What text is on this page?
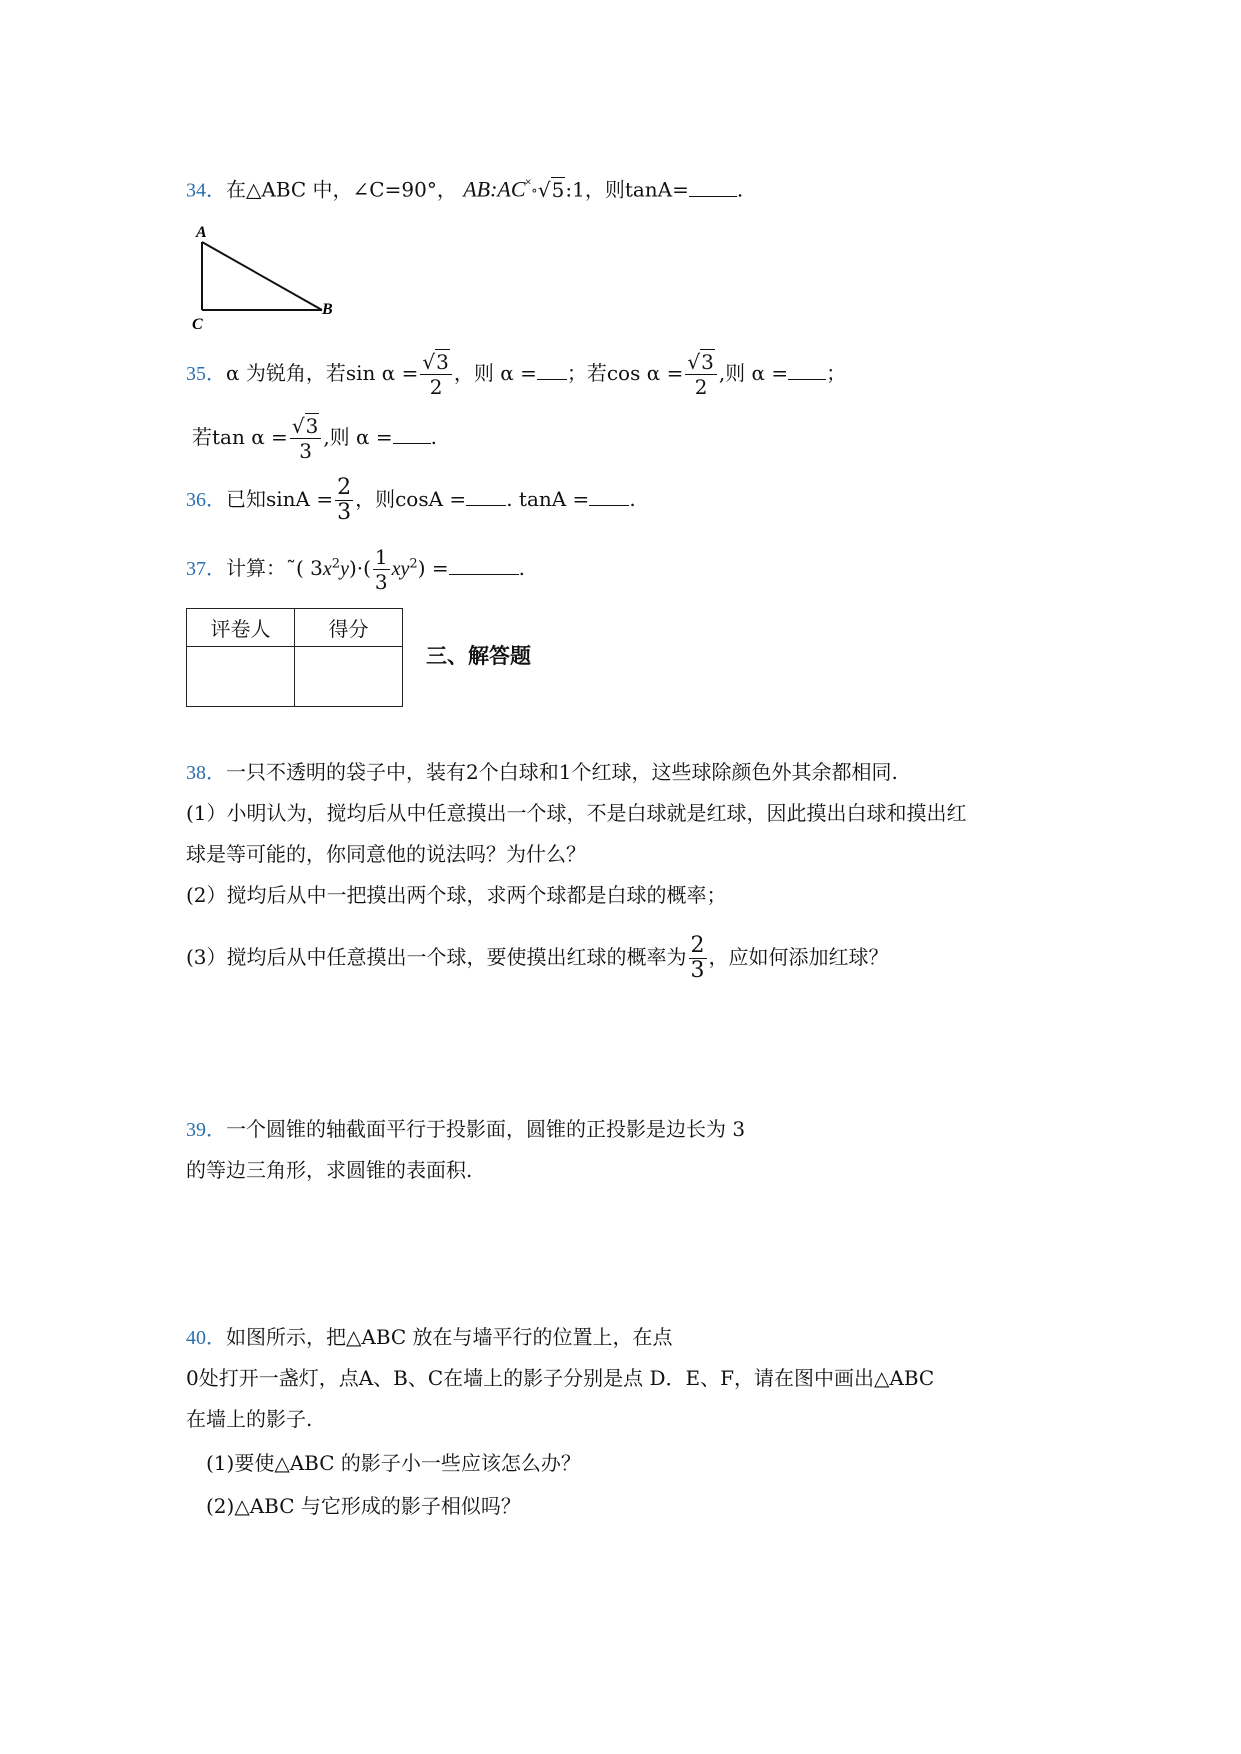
34．在△ABC 中，∠C=90°， AB:AC˟˳√5:1，则tanA= .
A
B
C
35．α 为锐角，若$\sin \alpha = \frac{√3}{2}$ ，则 α = ；若$\cos \alpha = \frac{√3}{2}$ ,则 α = ；
若$\tan \alpha = \frac{√3}{3}$ ,则 α = .
36．已知$\sin A = \frac{2}{3}$ ，则cosA = . tanA = .
37．计算：˜( $3x^2y)\cdot( \frac{1}{3} xy^2)$ =	.
评卷人	得分

三、解答题
38．一只不透明的袋子中，装有2个白球和1个红球，这些球除颜色外其余都相同.
(1）小明认为，搅均后从中任意摸出一个球，不是白球就是红球，因此摸出白球和摸出红
球是等可能的，你同意他的说法吗？为什么？
(2）搅均后从中一把摸出两个球，求两个球都是白球的概率；
(3）搅均后从中任意摸出一个球，要使摸出红球的概率为 $\frac{2}{3}$ ，应如何添加红球？
39．一个圆锥的轴截面平行于投影面，圆锥的正投影是边长为 3
的等边三角形，求圆锥的表面积.
40．如图所示，把△ABC 放在与墙平行的位置上，在点
0处打开一盏灯，点A、B、C在墙上的影子分别是点 D．E、F，请在图中画出△ABC
在墙上的影子.
(1)要使△ABC 的影子小一些应该怎么办？
(2)△ABC 与它形成的影子相似吗？
